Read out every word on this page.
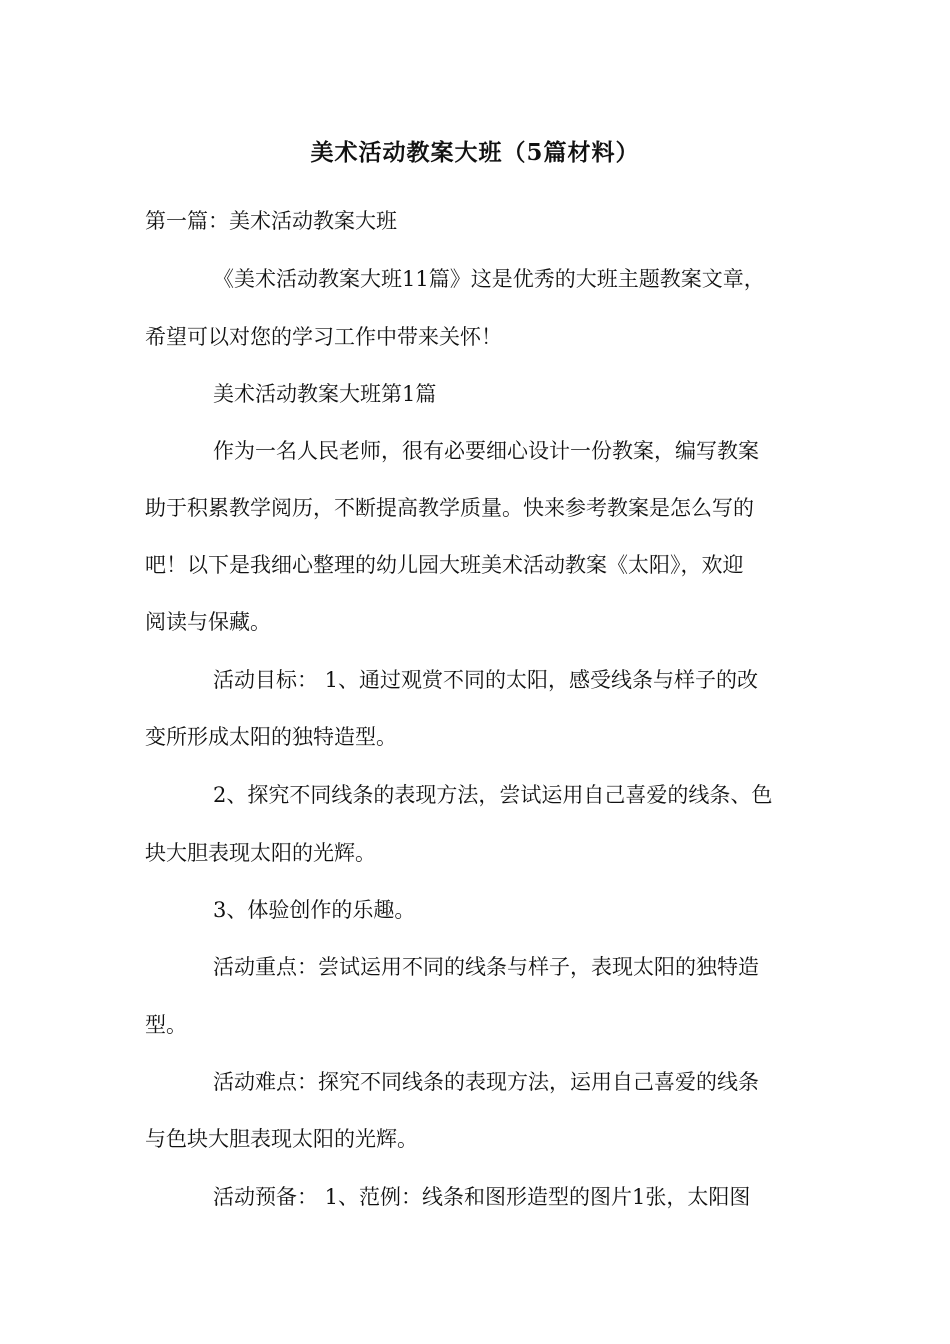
美术活动教案大班（5篇材料）
第一篇：美术活动教案大班
《美术活动教案大班11篇》这是优秀的大班主题教案文章，
希望可以对您的学习工作中带来关怀！
美术活动教案大班第1篇
作为一名人民老师，很有必要细心设计一份教案，编写教案
助于积累教学阅历，不断提高教学质量。快来参考教案是怎么写的
吧！以下是我细心整理的幼儿园大班美术活动教案《太阳》，欢迎
阅读与保藏。
活动目标： 1、通过观赏不同的太阳，感受线条与样子的改
变所形成太阳的独特造型。
2、探究不同线条的表现方法，尝试运用自己喜爱的线条、色
块大胆表现太阳的光辉。
3、体验创作的乐趣。
活动重点：尝试运用不同的线条与样子，表现太阳的独特造
型。
活动难点：探究不同线条的表现方法，运用自己喜爱的线条
与色块大胆表现太阳的光辉。
活动预备： 1、范例：线条和图形造型的图片1张，太阳图
